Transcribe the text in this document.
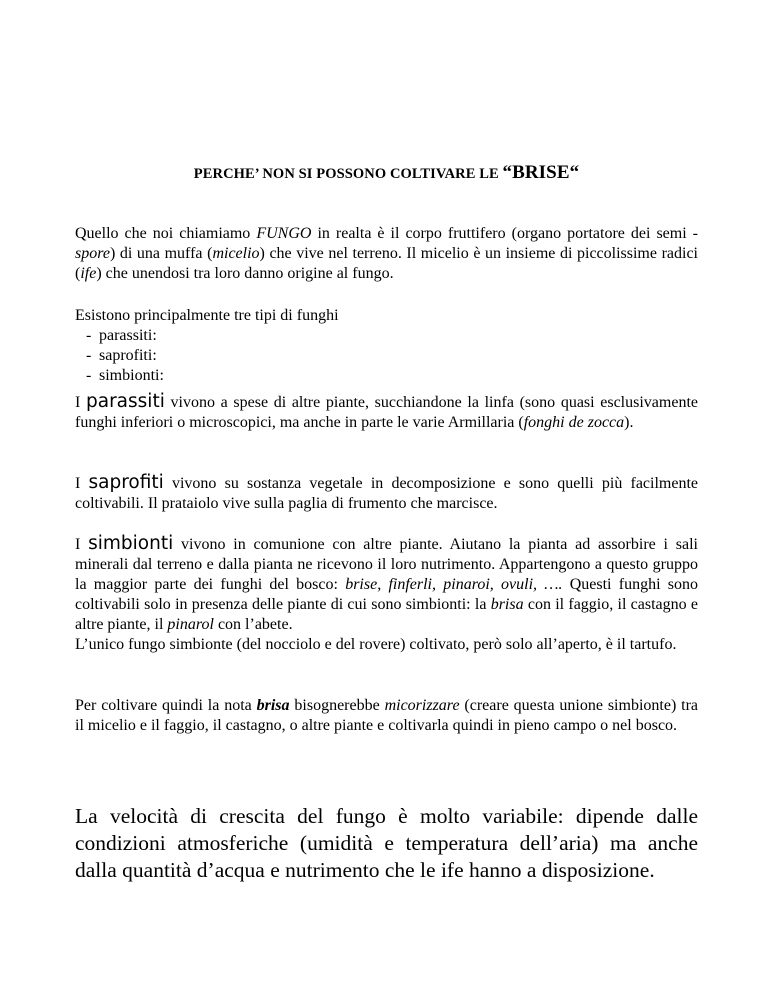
PERCHE’ NON SI POSSONO COLTIVARE LE “BRISE“

Quello che noi chiamiamo FUNGO in realta è il corpo fruttifero (organo portatore dei semi - spore) di una muffa (micelio) che vive nel terreno. Il micelio è un insieme di piccolissime radici (ife) che unendosi tra loro danno origine al fungo.

Esistono principalmente tre tipi di funghi

- parassiti:
- saprofiti:
- simbionti:

I parassiti vivono a spese di altre piante, succhiandone la linfa (sono quasi esclusivamente funghi inferiori o microscopici, ma anche in parte le varie Armillaria (fonghi de zocca).

I saprofiti vivono su sostanza vegetale in decomposizione e sono quelli più facilmente coltivabili. Il prataiolo vive sulla paglia di frumento che marcisce.

I simbionti vivono in comunione con altre piante. Aiutano la pianta ad assorbire i sali minerali dal terreno e dalla pianta ne ricevono il loro nutrimento. Appartengono a questo gruppo la maggior parte dei funghi del bosco: brise, finferli, pinaroi, ovuli, …. Questi funghi sono coltivabili solo in presenza delle piante di cui sono simbionti: la brisa con il faggio, il castagno e altre piante, il pinarol con l’abete.

L’unico fungo simbionte (del nocciolo e del rovere) coltivato, però solo all’aperto, è il tartufo.

Per coltivare quindi la nota brisa bisognerebbe micorizzare (creare questa unione simbionte) tra il micelio e il faggio, il castagno, o altre piante e coltivarla quindi in pieno campo o nel bosco.

La velocità di crescita del fungo è molto variabile: dipende dalle condizioni atmosferiche (umidità e temperatura dell’aria) ma anche dalla quantità d’acqua e nutrimento che le ife hanno a disposizione.
